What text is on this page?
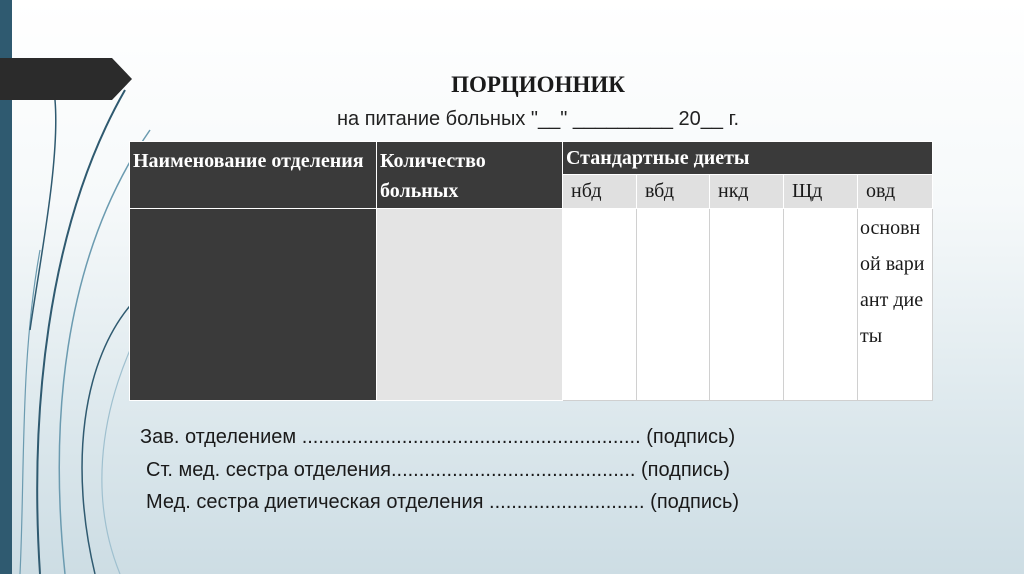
ПОРЦИОННИК
на питание больных "__" _________ 20__ г.
Наименование отделения	Количество больных	Стандартные диеты				
		нбд	вбд	нкд	Щд	овд
						основной вариант диеты
Зав. отделением ............................................................. (подпись)
Ст. мед. сестра отделения............................................ (подпись)
Мед. сестра диетическая отделения ............................ (подпись)
